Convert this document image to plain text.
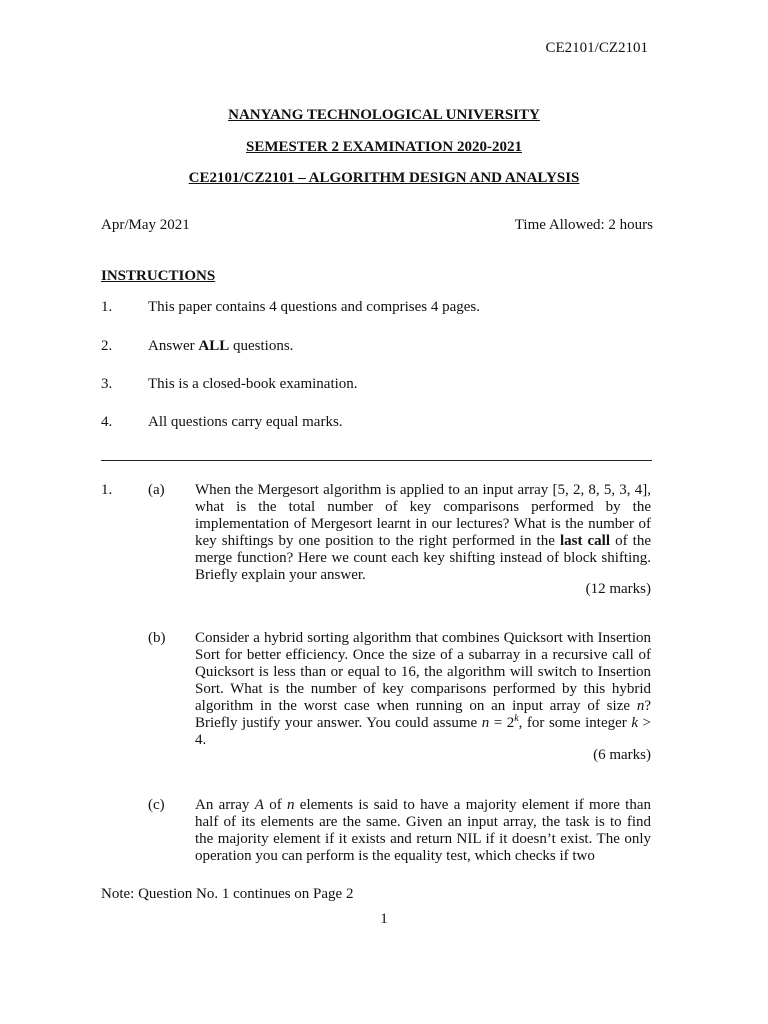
CE2101/CZ2101
NANYANG TECHNOLOGICAL UNIVERSITY
SEMESTER 2 EXAMINATION 2020-2021
CE2101/CZ2101 – ALGORITHM DESIGN AND ANALYSIS
Apr/May 2021	Time Allowed: 2 hours
INSTRUCTIONS
1. This paper contains 4 questions and comprises 4 pages.
2. Answer ALL questions.
3. This is a closed-book examination.
4. All questions carry equal marks.
1. (a) When the Mergesort algorithm is applied to an input array [5, 2, 8, 5, 3, 4], what is the total number of key comparisons performed by the implementation of Mergesort learnt in our lectures? What is the number of key shiftings by one position to the right performed in the last call of the merge function? Here we count each key shifting instead of block shifting. Briefly explain your answer.
(12 marks)
(b) Consider a hybrid sorting algorithm that combines Quicksort with Insertion Sort for better efficiency. Once the size of a subarray in a recursive call of Quicksort is less than or equal to 16, the algorithm will switch to Insertion Sort. What is the number of key comparisons performed by this hybrid algorithm in the worst case when running on an input array of size n? Briefly justify your answer. You could assume $n = 2^k$, for some integer k > 4.
(6 marks)
(c) An array A of n elements is said to have a majority element if more than half of its elements are the same. Given an input array, the task is to find the majority element if it exists and return NIL if it doesn’t exist. The only operation you can perform is the equality test, which checks if two
Note: Question No. 1 continues on Page 2
1
